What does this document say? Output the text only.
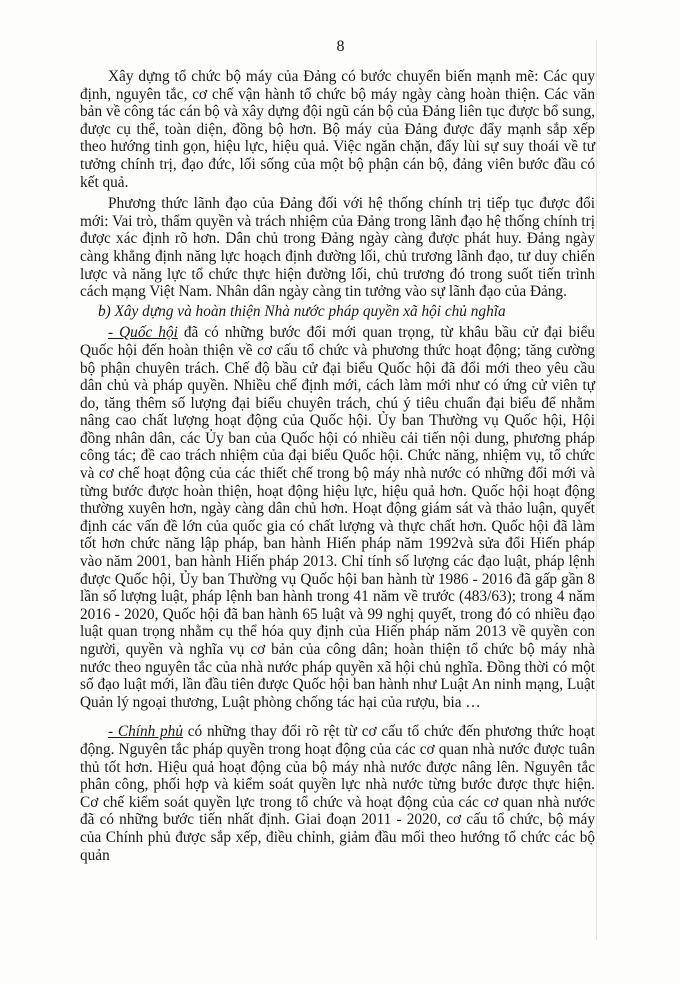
8

Xây dựng tổ chức bộ máy của Đảng có bước chuyển biến mạnh mẽ: Các quy định, nguyên tắc, cơ chế vận hành tổ chức bộ máy ngày càng hoàn thiện. Các văn bản về công tác cán bộ và xây dựng đội ngũ cán bộ của Đảng liên tục được bổ sung, được cụ thể, toàn diện, đồng bộ hơn. Bộ máy của Đảng được đẩy mạnh sắp xếp theo hướng tinh gọn, hiệu lực, hiệu quả. Việc ngăn chặn, đẩy lùi sự suy thoái về tư tưởng chính trị, đạo đức, lối sống của một bộ phận cán bộ, đảng viên bước đầu có kết quả.

Phương thức lãnh đạo của Đảng đối với hệ thống chính trị tiếp tục được đổi mới: Vai trò, thẩm quyền và trách nhiệm của Đảng trong lãnh đạo hệ thống chính trị được xác định rõ hơn. Dân chủ trong Đảng ngày càng được phát huy. Đảng ngày càng khẳng định năng lực hoạch định đường lối, chủ trương lãnh đạo, tư duy chiến lược và năng lực tổ chức thực hiện đường lối, chủ trương đó trong suốt tiến trình cách mạng Việt Nam. Nhân dân ngày càng tin tưởng vào sự lãnh đạo của Đảng.

b) Xây dựng và hoàn thiện Nhà nước pháp quyền xã hội chủ nghĩa

- Quốc hội đã có những bước đổi mới quan trọng, từ khâu bầu cử đại biểu Quốc hội đến hoàn thiện về cơ cấu tổ chức và phương thức hoạt động; tăng cường bộ phận chuyên trách. Chế độ bầu cử đại biểu Quốc hội đã đổi mới theo yêu cầu dân chủ và pháp quyền. Nhiều chế định mới, cách làm mới như có ứng cử viên tự do, tăng thêm số lượng đại biểu chuyên trách, chú ý tiêu chuẩn đại biểu để nhằm nâng cao chất lượng hoạt động của Quốc hội. Ủy ban Thường vụ Quốc hội, Hội đồng nhân dân, các Ủy ban của Quốc hội có nhiều cải tiến nội dung, phương pháp công tác; đề cao trách nhiệm của đại biểu Quốc hội. Chức năng, nhiệm vụ, tổ chức và cơ chế hoạt động của các thiết chế trong bộ máy nhà nước có những đổi mới và từng bước được hoàn thiện, hoạt động hiệu lực, hiệu quả hơn. Quốc hội hoạt động thường xuyên hơn, ngày càng dân chủ hơn. Hoạt động giám sát và thảo luận, quyết định các vấn đề lớn của quốc gia có chất lượng và thực chất hơn. Quốc hội đã làm tốt hơn chức năng lập pháp, ban hành Hiến pháp năm 1992và sửa đổi Hiến pháp vào năm 2001, ban hành Hiến pháp 2013. Chỉ tính số lượng các đạo luật, pháp lệnh được Quốc hội, Ủy ban Thường vụ Quốc hội ban hành từ 1986 - 2016 đã gấp gần 8 lần số lượng luật, pháp lệnh ban hành trong 41 năm về trước (483/63); trong 4 năm 2016 - 2020, Quốc hội đã ban hành 65 luật và 99 nghị quyết, trong đó có nhiều đạo luật quan trọng nhằm cụ thể hóa quy định của Hiến pháp năm 2013 về quyền con người, quyền và nghĩa vụ cơ bản của công dân; hoàn thiện tổ chức bộ máy nhà nước theo nguyên tắc của nhà nước pháp quyền xã hội chủ nghĩa. Đồng thời có một số đạo luật mới, lần đầu tiên được Quốc hội ban hành như Luật An ninh mạng, Luật Quản lý ngoại thương, Luật phòng chống tác hại của rượu, bia …

- Chính phủ có những thay đổi rõ rệt từ cơ cấu tổ chức đến phương thức hoạt động. Nguyên tắc pháp quyền trong hoạt động của các cơ quan nhà nước được tuân thủ tốt hơn. Hiệu quả hoạt động của bộ máy nhà nước được nâng lên. Nguyên tắc phân công, phối hợp và kiểm soát quyền lực nhà nước từng bước được thực hiện. Cơ chế kiểm soát quyền lực trong tổ chức và hoạt động của các cơ quan nhà nước đã có những bước tiến nhất định. Giai đoạn 2011 - 2020, cơ cấu tổ chức, bộ máy của Chính phủ được sắp xếp, điều chỉnh, giảm đầu mối theo hướng tổ chức các bộ quản
